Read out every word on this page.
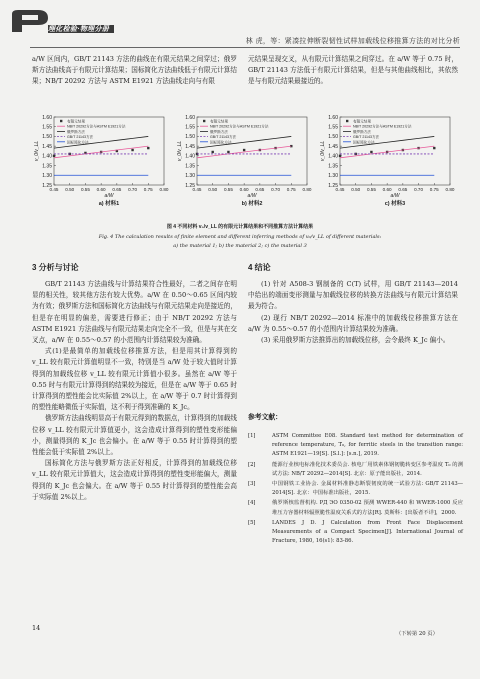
理化检验·物理分册
林 虎，等：紧凑拉伸断裂韧性试样加载线位移推算方法的对比分析

a/W 区间内，GB/T 21143 方法的曲线在有限元结果之间穿过；俄罗斯方法曲线高于有限元计算结果；国标简化方法曲线低于有限元计算结果；NB/T 20292 方法与 ASTM E1921 方法曲线走向与有限

元结果呈现交叉，从有限元计算结果之间穿过。在 a/W 等于 0.75 时，GB/T 21143 方法低于有限元计算结果，但是与其他曲线相比，其依然是与有限元结果最接近的。

1.25
1.30
1.35
1.40
1.45
1.50
1.55
1.60
0.45 0.50 0.55 0.60 0.65 0.70 0.75 0.80
a/W
v_0/v_LL
a) 材料1
有限元结果
NB/T 20292方法与ASTM E1921方法
俄罗斯方法
GB/T 21143方法
国标简化方法
1.25
1.30
1.35
1.40
1.45
1.50
1.55
1.60
0.45 0.50 0.55 0.60 0.65 0.70 0.75 0.80
a/W
v_0/v_LL
b) 材料2
有限元结果
NB/T 20292方法与ASTM E1921方法
俄罗斯方法
GB/T 21143方法
国标简化方法
1.25
1.30
1.35
1.40
1.45
1.50
1.55
1.60
0.45 0.50 0.55 0.60 0.65 0.70 0.75 0.80
a/W
v_0/v_LL
c) 材料3
有限元结果
NB/T 20292方法与ASTM E1921方法
俄罗斯方法
GB/T 21143方法
国标简化方法
图 4 不同材料 v₀/v_LL 的有限元计算结果和不同推算方法计算结果
Fig. 4 The calculation results of finite element and different inferring methods of v₀/v_LL of different materials:
a) the material 1; b) the material 2; c) the material 3
3 分析与讨论	4 结论

GB/T 21143 方法曲线与计算结果符合性最好，二者之间存在明显的相关性，较其他方法有较大优势。a/W 在 0.50～0.65 区间内较为有效；俄罗斯方法和国标简化方法曲线与有限元结果走向是接近的，但是存在明显的偏差，需要进行修正；由于 NB/T 20292 方法与 ASTM E1921 方法曲线与有限元结果走向完全不一致，但是与其在交叉点，a/W 在 0.55～0.57 的小范围内计算结果较为准确。

式(1)是最简单的加载线位移推算方法，但是用其计算得到的 v_LL 较有限元计算值明显不一致，特别是当 a/W 处于较大值时计算得到的加载线位移 v_LL 较有限元计算值小很多。虽然在 a/W 等于 0.55 时与有限元计算得到的结果较为接近，但是在 a/W 等于 0.65 时计算得到的塑性能会比实际值 2%以上，在 a/W 等于 0.7 时计算得到的塑性能略微低于实际值，这不利于得到准确的 K_Jc。

俄罗斯方法曲线明显高于有限元得到的数据点，计算得到的加载线位移 v_LL 较有限元计算值更小，这会造成计算得到的塑性变形能偏小，测量得到的 K_Jc 也会偏小。在 a/W 等于 0.55 时计算得到的塑性能会低于实际值 2%以上。

国标简化方法与俄罗斯方法正好相反，计算得到的加载线位移 v_LL 较有限元计算值大，这会造成计算得到的塑性变形能偏大，测量得到的 K_Jc 也会偏大。在 a/W 等于 0.55 时计算得到的塑性能会高于实际值 2%以上。

(1) 针对 A508-3 钢制备的 C(T) 试样，用 GB/T 21143—2014 中给出的端面变形测量与加载线位移的转换方法曲线与有限元计算结果最为符合。

(2) 现行 NB/T 20292—2014 标准中的加载线位移推算方法在 a/W 为 0.55～0.57 的小范围内计算结果较为准确。

(3) 采用俄罗斯方法推算出的加载线位移，会令最终 K_Jc 偏小。

参考文献：
[1]	ASTM Committee E08. Standard test method for determination of reference temperature, T₀, for ferritic steels in the transition range: ASTM E1921—19[S]. [S.l.]: [s.n.], 2019.
[2]	能源行业核电标准化技术委员会. 核电厂用铁素体钢韧脆转变区参考温度 T₀ 的测试方法: NB/T 20292—2014[S]. 北京：原子能出版社，2014.
[3]	中国钢铁工业协会. 金属材料准静态断裂韧度的统一试验方法: GB/T 21143—2014[S]. 北京：中国标准出版社，2015.
[4]	俄罗斯核监督机构. РД ЭО 0350-02 预测 WWER-440 和 WWER-1000 反应堆压力容器材料辐照脆性温度关系式的方法[R]. 莫斯科：[出版者不详]，2000.
[5]	LANDES J D. J Calculation from Front Face Displacement Measurements of a Compact Specimen[J]. International Journal of Fracture, 1980, 16(s1): 83-86.
（下转第 20 页）
14
